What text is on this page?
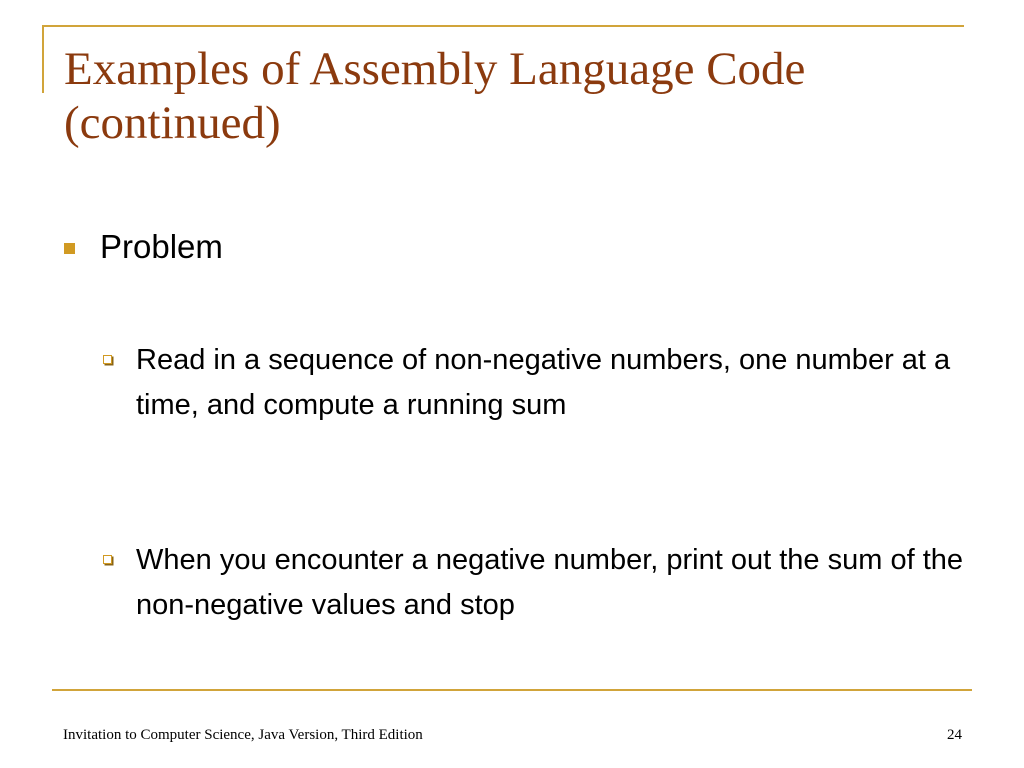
Examples of Assembly Language Code (continued)
Problem
Read in a sequence of non-negative numbers, one number at a time, and compute a running sum
When you encounter a negative number, print out the sum of the non-negative values and stop
Invitation to Computer Science, Java Version, Third Edition	24
